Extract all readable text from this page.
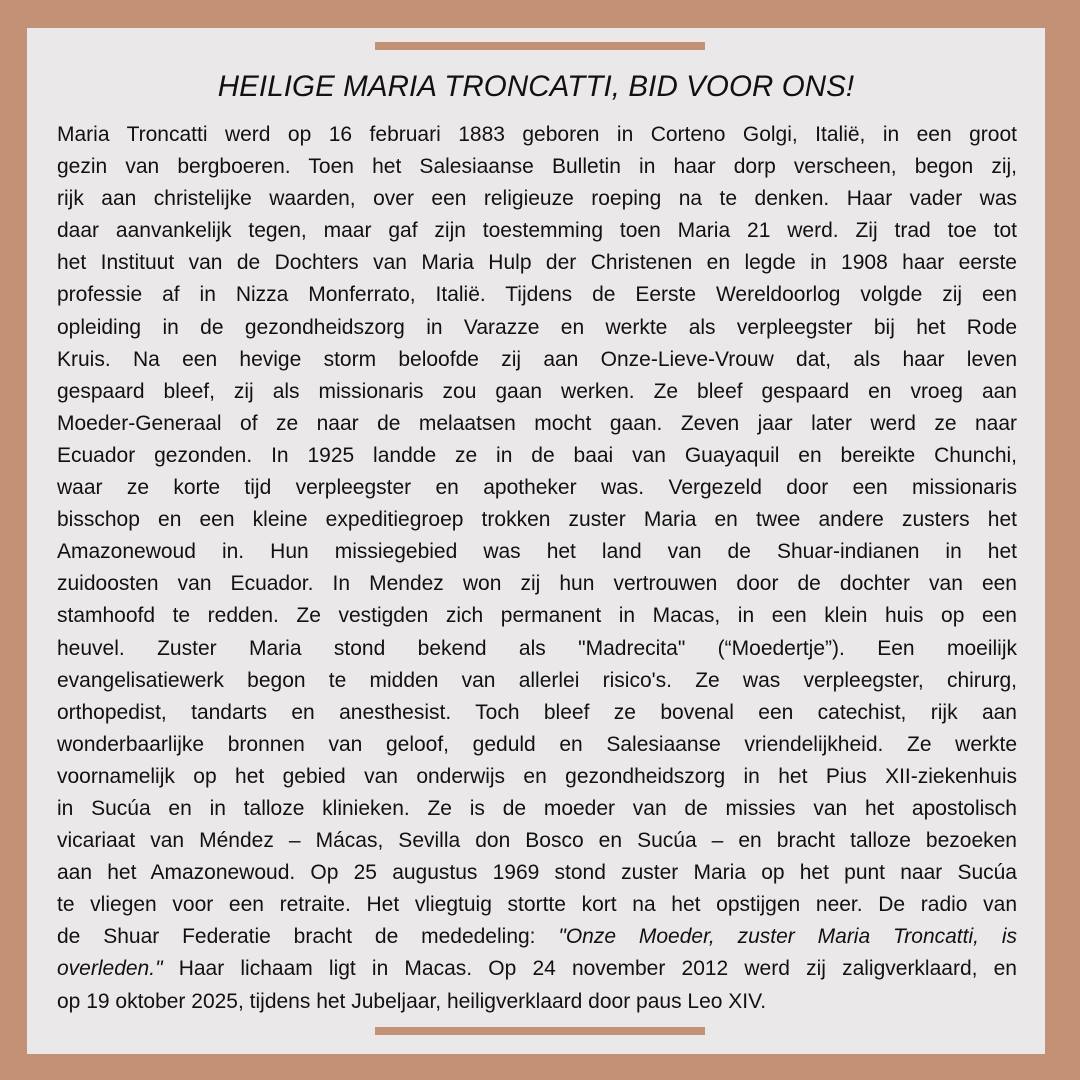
HEILIGE MARIA TRONCATTI, BID VOOR ONS!
Maria Troncatti werd op 16 februari 1883 geboren in Corteno Golgi, Italië, in een groot
gezin van bergboeren. Toen het Salesiaanse Bulletin in haar dorp verscheen, begon zij,
rijk aan christelijke waarden, over een religieuze roeping na te denken. Haar vader was
daar aanvankelijk tegen, maar gaf zijn toestemming toen Maria 21 werd. Zij trad toe tot
het Instituut van de Dochters van Maria Hulp der Christenen en legde in 1908 haar eerste
professie af in Nizza Monferrato, Italië. Tijdens de Eerste Wereldoorlog volgde zij een
opleiding in de gezondheidszorg in Varazze en werkte als verpleegster bij het Rode
Kruis. Na een hevige storm beloofde zij aan Onze-Lieve-Vrouw dat, als haar leven
gespaard bleef, zij als missionaris zou gaan werken. Ze bleef gespaard en vroeg aan
Moeder-Generaal of ze naar de melaatsen mocht gaan. Zeven jaar later werd ze naar
Ecuador gezonden. In 1925 landde ze in de baai van Guayaquil en bereikte Chunchi,
waar ze korte tijd verpleegster en apotheker was. Vergezeld door een missionaris
bisschop en een kleine expeditiegroep trokken zuster Maria en twee andere zusters het
Amazonewoud in. Hun missiegebied was het land van de Shuar-indianen in het
zuidoosten van Ecuador. In Mendez won zij hun vertrouwen door de dochter van een
stamhoofd te redden. Ze vestigden zich permanent in Macas, in een klein huis op een
heuvel. Zuster Maria stond bekend als "Madrecita" (“Moedertje”). Een moeilijk
evangelisatiewerk begon te midden van allerlei risico's. Ze was verpleegster, chirurg,
orthopedist, tandarts en anesthesist. Toch bleef ze bovenal een catechist, rijk aan
wonderbaarlijke bronnen van geloof, geduld en Salesiaanse vriendelijkheid. Ze werkte
voornamelijk op het gebied van onderwijs en gezondheidszorg in het Pius XII-ziekenhuis
in Sucúa en in talloze klinieken. Ze is de moeder van de missies van het apostolisch
vicariaat van Méndez – Mácas, Sevilla don Bosco en Sucúa – en bracht talloze bezoeken
aan het Amazonewoud. Op 25 augustus 1969 stond zuster Maria op het punt naar Sucúa
te vliegen voor een retraite. Het vliegtuig stortte kort na het opstijgen neer. De radio van
de Shuar Federatie bracht de mededeling: "Onze Moeder, zuster Maria Troncatti, is
overleden." Haar lichaam ligt in Macas. Op 24 november 2012 werd zij zaligverklaard, en
op 19 oktober 2025, tijdens het Jubeljaar, heiligverklaard door paus Leo XIV.
